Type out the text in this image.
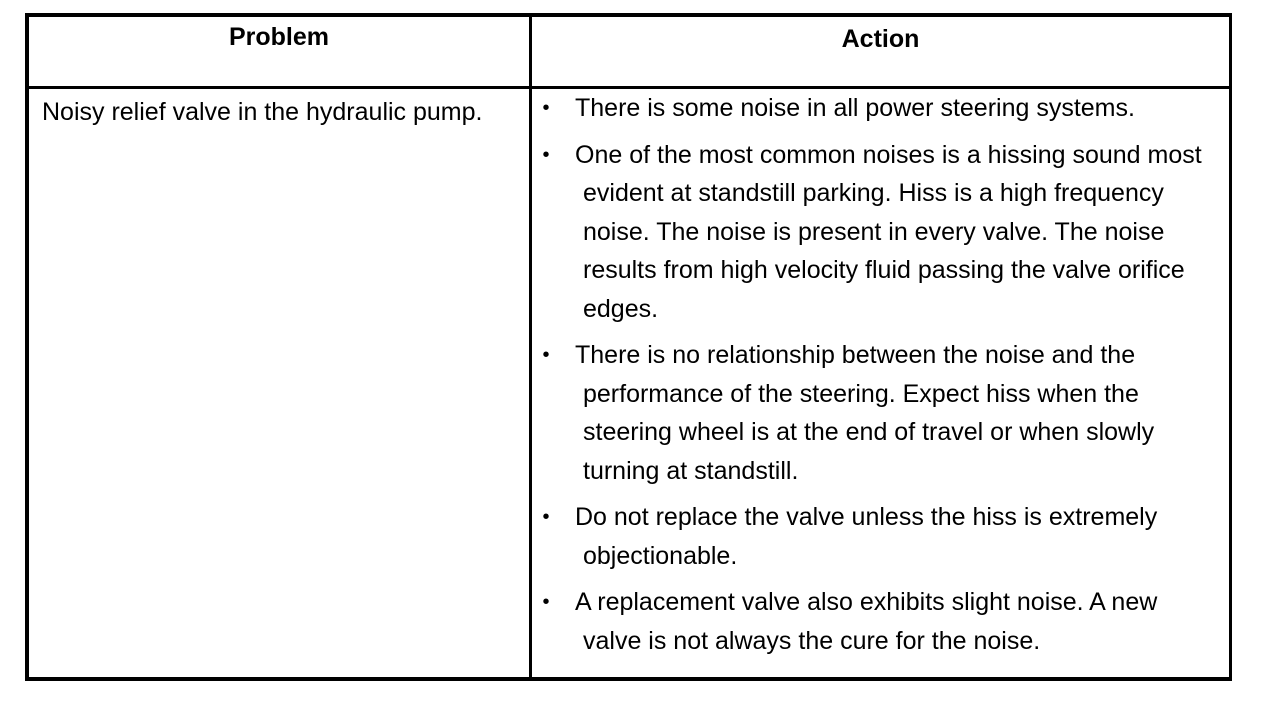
Problem	Action
Noisy relief valve in the hydraulic pump.	• There is some noise in all power steering systems.
• One of the most common noises is a hissing sound most evident at standstill parking. Hiss is a high frequency noise. The noise is present in every valve. The noise results from high velocity fluid passing the valve orifice edges.
• There is no relationship between the noise and the performance of the steering. Expect hiss when the steering wheel is at the end of travel or when slowly turning at standstill.
• Do not replace the valve unless the hiss is extremely objectionable.
• A replacement valve also exhibits slight noise. A new valve is not always the cure for the noise.
